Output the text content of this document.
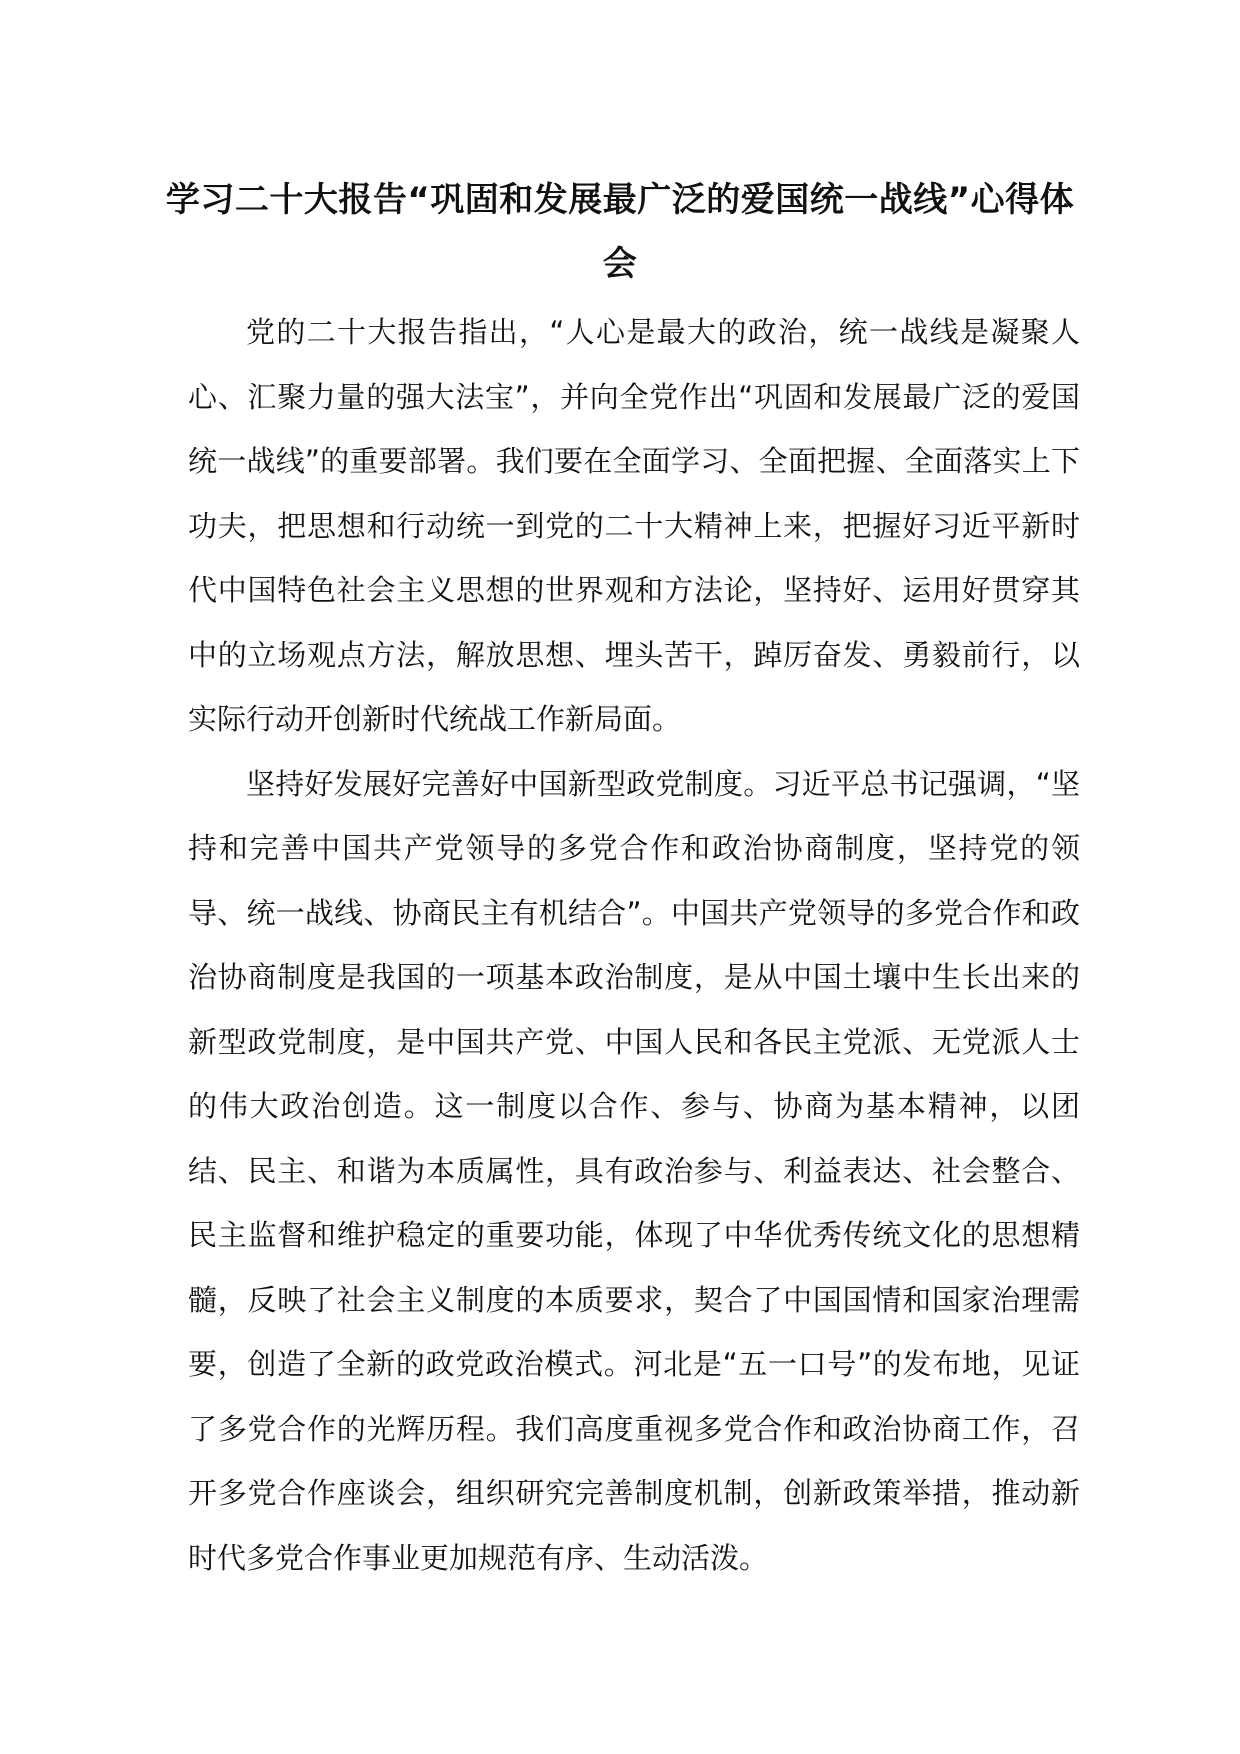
学习二十大报告“巩固和发展最广泛的爱国统一战线”心得体会

党的二十大报告指出，“人心是最大的政治，统一战线是凝聚人心、汇聚力量的强大法宝”，并向全党作出“巩固和发展最广泛的爱国统一战线”的重要部署。我们要在全面学习、全面把握、全面落实上下功夫，把思想和行动统一到党的二十大精神上来，把握好习近平新时代中国特色社会主义思想的世界观和方法论，坚持好、运用好贯穿其中的立场观点方法，解放思想、埋头苦干，踔厉奋发、勇毅前行，以实际行动开创新时代统战工作新局面。

坚持好发展好完善好中国新型政党制度。习近平总书记强调，“坚持和完善中国共产党领导的多党合作和政治协商制度，坚持党的领导、统一战线、协商民主有机结合”。中国共产党领导的多党合作和政治协商制度是我国的一项基本政治制度，是从中国土壤中生长出来的新型政党制度，是中国共产党、中国人民和各民主党派、无党派人士的伟大政治创造。这一制度以合作、参与、协商为基本精神，以团结、民主、和谐为本质属性，具有政治参与、利益表达、社会整合、民主监督和维护稳定的重要功能，体现了中华优秀传统文化的思想精髓，反映了社会主义制度的本质要求，契合了中国国情和国家治理需要，创造了全新的政党政治模式。河北是“五一口号”的发布地，见证了多党合作的光辉历程。我们高度重视多党合作和政治协商工作，召开多党合作座谈会，组织研究完善制度机制，创新政策举措，推动新时代多党合作事业更加规范有序、生动活泼。
